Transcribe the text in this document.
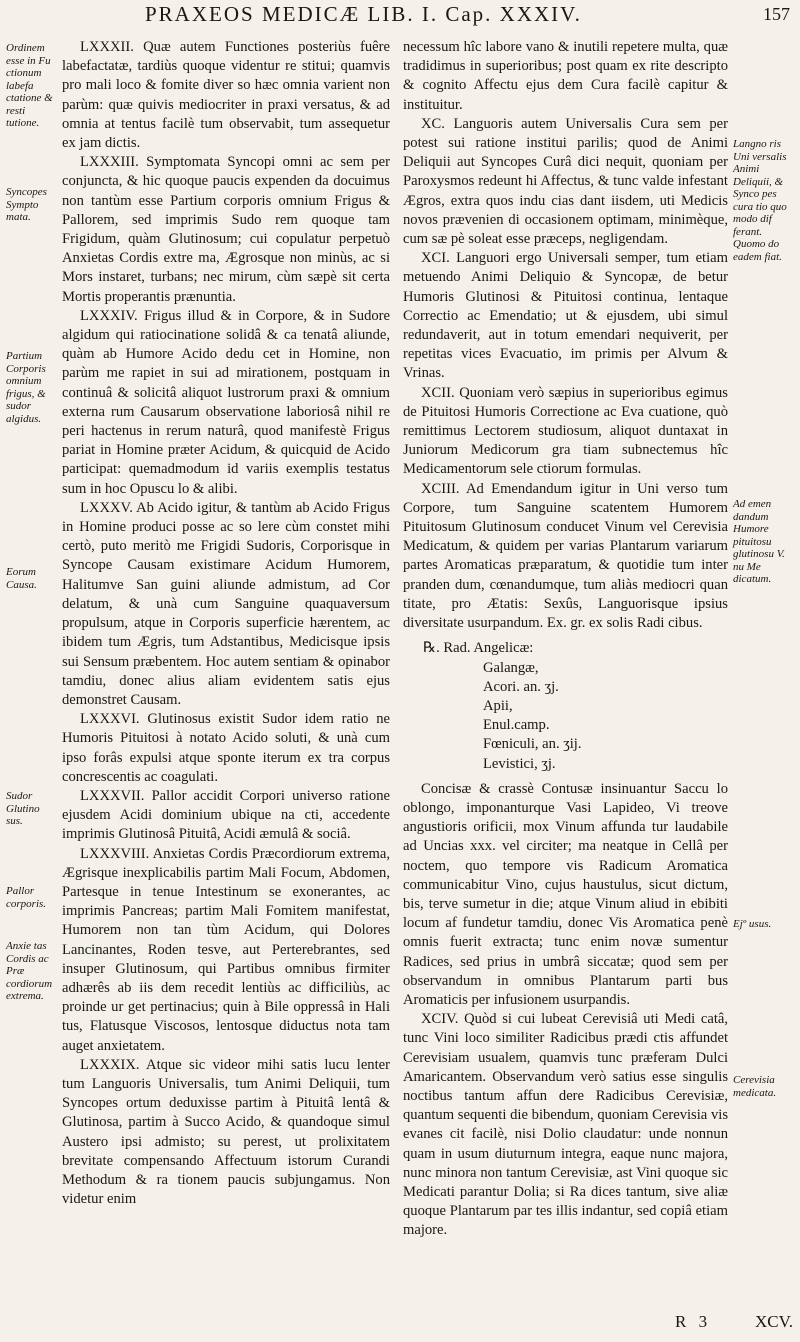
PRAXEOS MEDICÆ LIB. I. Cap. XXXIV.	157
Ordinem esse in Fu ctionum labefa ctatione & resti tutione.
Syncopes Sympto mata.
Partium Corporis omnium frigus, & sudor algidus.
Eorum Causa.
Sudor Glutino sus.
Pallor corporis.
Anxie tas Cordis ac Præ cordiorum extrema.
Langno ris Uni versalis Animi Deliquii, & Synco pes cura tio quo modo dif ferant. Quomo do eadem fiat.
Ad emen dandum Humore pituitosu glutinosu V. nu Me dicatum.
Ejº usus.
Cerevisia medicata.

LXXXII. Quæ autem Functiones posteriùs fuêre labefactatæ, tardiùs quoque videntur re stitui; quamvis pro mali loco & fomite diver so hæc omnia varient non parùm: quæ quivis mediocriter in praxi versatus, & ad omnia at tentus facilè tum observabit, tum assequetur ex jam dictis.

LXXXIII. Symptomata Syncopi omni ac sem per conjuncta, & hic quoque paucis expenden da docuimus non tantùm esse Partium corporis omnium Frigus & Pallorem, sed imprimis Sudo rem quoque tam Frigidum, quàm Glutinosum; cui copulatur perpetuò Anxietas Cordis extre ma, Ægrosque non minùs, ac si Mors instaret, turbans; nec mirum, cùm sæpè sit certa Mortis properantis prænuntia.

LXXXIV. Frigus illud & in Corpore, & in Sudore algidum qui ratiocinatione solidâ & ca tenatâ aliunde, quàm ab Humore Acido dedu cet in Homine, non parùm me rapiet in sui ad mirationem, postquam in continuâ & solicitâ aliquot lustrorum praxi & omnium externa rum Causarum observatione laboriosâ nihil re peri hactenus in rerum naturâ, quod manifestè Frigus pariat in Homine præter Acidum, & quicquid de Acido participat: quemadmodum id variis exemplis testatus sum in hoc Opuscu lo & alibi.

LXXXV. Ab Acido igitur, & tantùm ab Acido Frigus in Homine produci posse ac so lere cùm constet mihi certò, puto meritò me Frigidi Sudoris, Corporisque in Syncope Causam existimare Acidum Humorem, Halitumve San guini aliunde admistum, ad Cor delatum, & unà cum Sanguine quaquaversum propulsum, atque in Corporis superficie hærentem, ac ibidem tum Ægris, tum Adstantibus, Medicisque ipsis sui Sensum præbentem. Hoc autem sentiam & opinabor tamdiu, donec alius aliam evidentem satis ejus demonstret Causam.

LXXXVI. Glutinosus existit Sudor idem ratio ne Humoris Pituitosi à notato Acido soluti, & unà cum ipso forâs expulsi atque sponte iterum ex tra corpus concrescentis ac coagulati.

LXXXVII. Pallor accidit Corpori universo ratione ejusdem Acidi dominium ubique na cti, accedente imprimis Glutinosâ Pituitâ, Acidi æmulâ & sociâ.

LXXXVIII. Anxietas Cordis Præcordiorum extrema, Ægrisque inexplicabilis partim Mali Focum, Abdomen, Partesque in tenue Intestinum se exonerantes, ac imprimis Pancreas; partim Mali Fomitem manifestat, Humorem non tan tùm Acidum, qui Dolores Lancinantes, Roden tesve, aut Perterebrantes, sed insuper Glutinosum, qui Partibus omnibus firmiter adhærês ab iis dem recedit lentiùs ac difficiliùs, ac proinde ur get pertinacius; quin à Bile oppressâ in Hali tus, Flatusque Viscosos, lentosque diductus nota tam auget anxietatem.

LXXXIX. Atque sic videor mihi satis lucu lenter tum Languoris Universalis, tum Animi Deliquii, tum Syncopes ortum deduxisse partim à Pituitâ lentâ & Glutinosa, partim à Succo Acido, & quandoque simul Austero ipsi admisto; su perest, ut prolixitatem brevitate compensando Affectuum istorum Curandi Methodum & ra tionem paucis subjungamus. Non videtur enim

necessum hîc labore vano & inutili repetere multa, quæ tradidimus in superioribus; post quam ex rite descripto & cognito Affectu ejus dem Cura facilè capitur & instituitur.

XC. Languoris autem Universalis Cura sem per potest sui ratione institui parilis; quod de Animi Deliquii aut Syncopes Curâ dici nequit, quoniam per Paroxysmos redeunt hi Affectus, & tunc valde infestant Ægros, extra quos indu cias dant iisdem, uti Medicis novos prævenien di occasionem optimam, minimèque, cum sæ pè soleat esse præceps, negligendam.

XCI. Languori ergo Universali semper, tum etiam metuendo Animi Deliquio & Syncopæ, de betur Humoris Glutinosi & Pituitosi continua, lentaque Correctio ac Emendatio; ut & ejusdem, ubi simul redundaverit, aut in totum emendari nequiverit, per repetitas vices Evacuatio, im primis per Alvum & Vrinas.

XCII. Quoniam verò sæpius in superioribus egimus de Pituitosi Humoris Correctione ac Eva cuatione, quò remittimus Lectorem studiosum, aliquot duntaxat in Juniorum Medicorum gra tiam subnectemus hîc Medicamentorum sele ctiorum formulas.

XCIII. Ad Emendandum igitur in Uni verso tum Corpore, tum Sanguine scatentem Humorem Pituitosum Glutinosum conducet Vinum vel Cerevisia Medicatum, & quidem per varias Plantarum variarum partes Aromaticas præparatum, & quotidie tum inter pranden dum, cœnandumque, tum aliàs mediocri quan titate, pro Ætatis: Sexûs, Languorisque ipsius diversitate usurpandum. Ex. gr. ex solis Radi cibus.

℞. Rad. Angelicæ:
Galangæ,
Acori. an. ʒj.
Apii,
Enul.camp.
Fœniculi, an. ʒij.
Levistici, ʒj.

Concisæ & crassè Contusæ insinuantur Saccu lo oblongo, imponanturque Vasi Lapideo, Vi treove angustioris orificii, mox Vinum affunda tur laudabile ad Uncias xxx. vel circiter; ma neatque in Cellâ per noctem, quo tempore vis Radicum Aromatica communicabitur Vino, cujus haustulus, sicut dictum, bis, terve sumetur in die; atque Vinum aliud in ebibiti locum af fundetur tamdiu, donec Vis Aromatica penè omnis fuerit extracta; tunc enim novæ sumentur Radices, sed prius in umbrâ siccatæ; quod sem per observandum in omnibus Plantarum parti bus Aromaticis per infusionem usurpandis.

XCIV. Quòd si cui lubeat Cerevisiâ uti Medi catâ, tunc Vini loco similiter Radicibus prædi ctis affundet Cerevisiam usualem, quamvis tunc præferam Dulci Amaricantem. Observandum verò satius esse singulis noctibus tantum affun dere Radicibus Cerevisiæ, quantum sequenti die bibendum, quoniam Cerevisia vis evanes cit facilè, nisi Dolio claudatur: unde nonnun quam in usum diuturnum integra, eaque nunc majora, nunc minora non tantum Cerevisiæ, ast Vini quoque sic Medicati parantur Dolia; si Ra dices tantum, sive aliæ quoque Plantarum par tes illis indantur, sed copiâ etiam majore.

R 3	XCV.
